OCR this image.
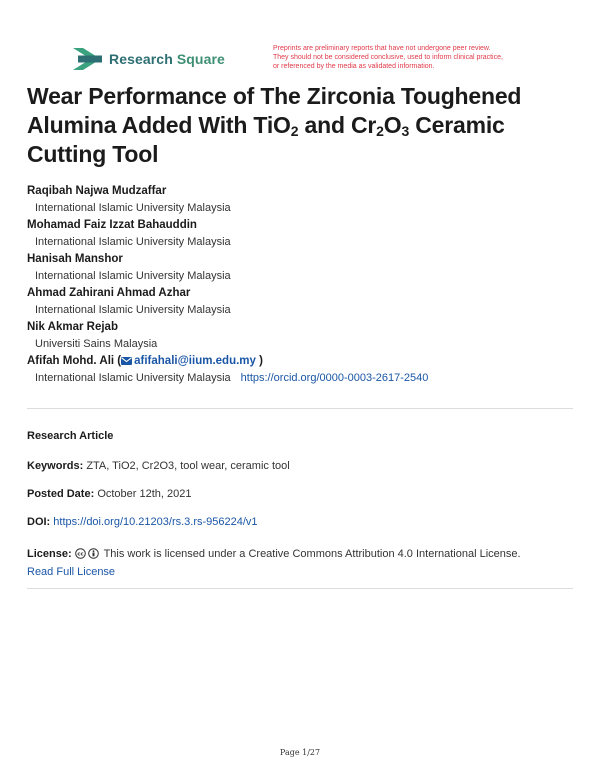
Research Square
Preprints are preliminary reports that have not undergone peer review.
They should not be considered conclusive, used to inform clinical practice,
or referenced by the media as validated information.
Wear Performance of The Zirconia Toughened
Alumina Added With TiO$_2$ and $Cr_2O_3$ Ceramic
Cutting Tool
Raqibah Najwa Mudzaffar
International Islamic University Malaysia
Mohamad Faiz Izzat Bahauddin
International Islamic University Malaysia
Hanisah Manshor
International Islamic University Malaysia
Ahmad Zahirani Ahmad Azhar
International Islamic University Malaysia
Nik Akmar Rejab
Universiti Sains Malaysia
Afifah Mohd. Ali ( afifahali@iium.edu.my )
International Islamic University Malaysia https://orcid.org/0000-0003-2617-2540
Research Article
Keywords: ZTA, TiO2, Cr2O3, tool wear, ceramic tool
Posted Date: October 12th, 2021
DOI: https://doi.org/10.21203/rs.3.rs-956224/v1
License: cc This work is licensed under a Creative Commons Attribution 4.0 International License.
Read Full License
Page 1/27
